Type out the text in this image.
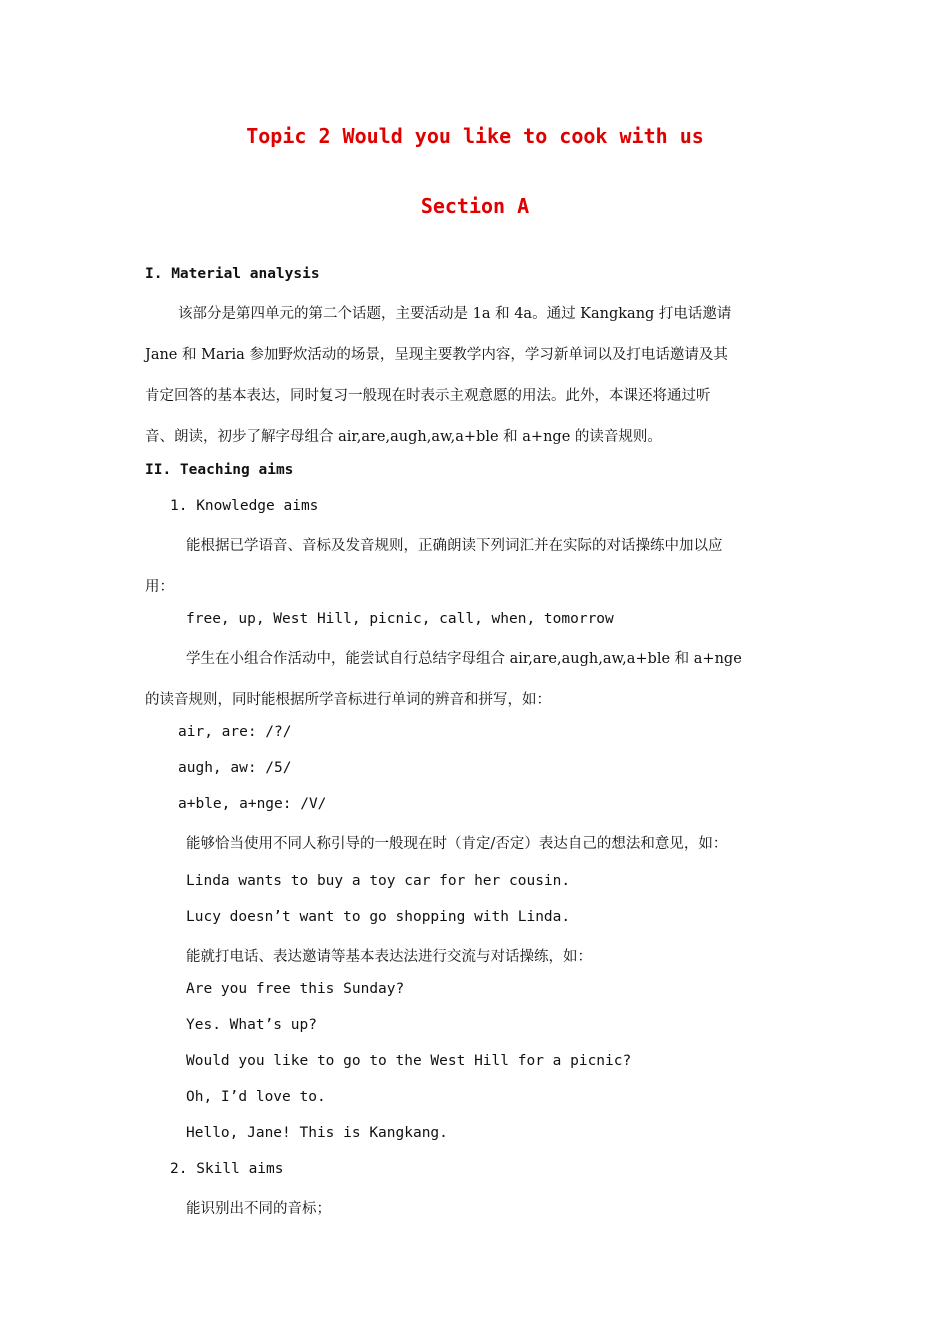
Topic 2 Would you like to cook with us
Section A
I. Material analysis
该部分是第四单元的第二个话题，主要活动是 1a 和 4a。通过 Kangkang 打电话邀请
Jane 和 Maria 参加野炊活动的场景，呈现主要教学内容，学习新单词以及打电话邀请及其
肯定回答的基本表达，同时复习一般现在时表示主观意愿的用法。此外，本课还将通过听
音、朗读，初步了解字母组合 air,are,augh,aw,a+ble 和 a+nge 的读音规则。
II. Teaching aims
1. Knowledge aims
能根据已学语音、音标及发音规则，正确朗读下列词汇并在实际的对话操练中加以应
用：
free, up, West Hill, picnic, call, when, tomorrow
学生在小组合作活动中，能尝试自行总结字母组合 air,are,augh,aw,a+ble 和 a+nge
的读音规则，同时能根据所学音标进行单词的辨音和拼写，如：
air, are: /?/
augh, aw: /5/
a+ble, a+nge: /V/
能够恰当使用不同人称引导的一般现在时（肯定/否定）表达自己的想法和意见，如：
Linda wants to buy a toy car for her cousin.
Lucy doesn’t want to go shopping with Linda.
能就打电话、表达邀请等基本表达法进行交流与对话操练，如：
Are you free this Sunday?
Yes. What’s up?
Would you like to go to the West Hill for a picnic?
Oh, I’d love to.
Hello, Jane! This is Kangkang.
2. Skill aims
能识别出不同的音标；
